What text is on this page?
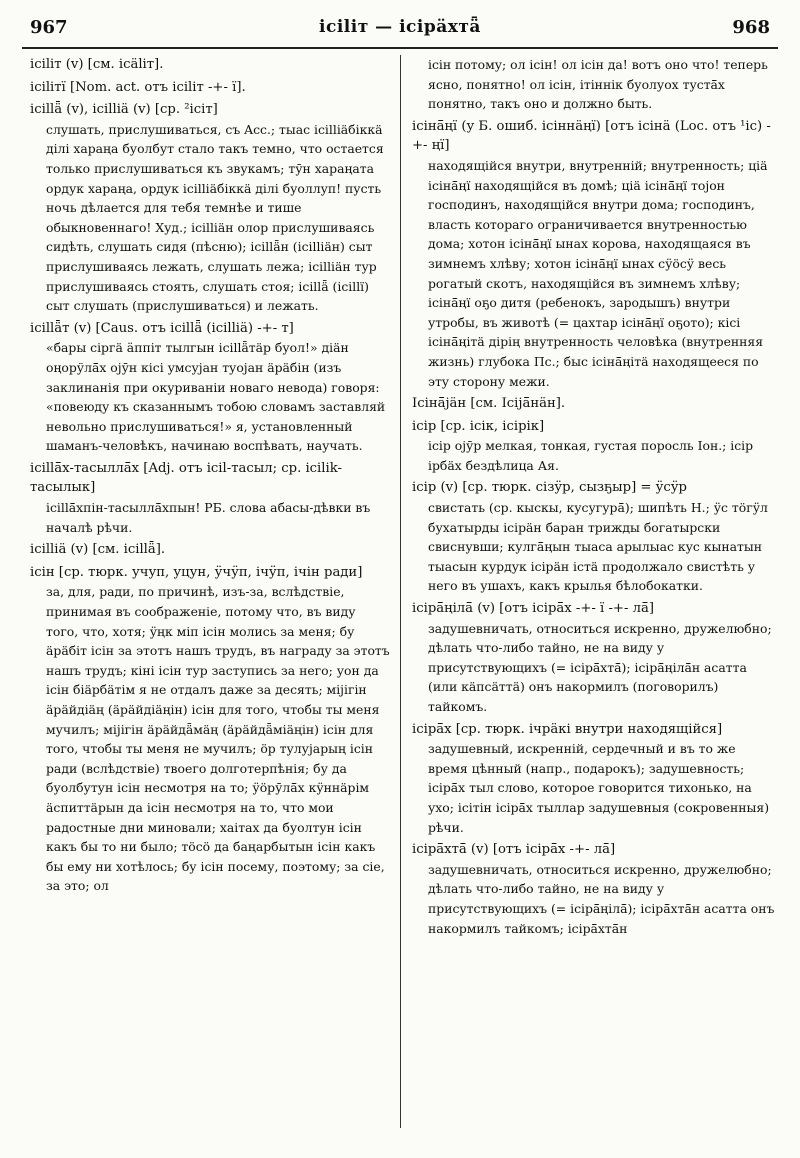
967	iciliт — icipäxтǟ	968
iciliт (v) [см. icäliт].
iciliтï [Nom. act. отъ iciliт -+- ï].
icillǟ (v), icilliä (v) [ср. ²iciт]
слушать, прислушиваться, съ Acc.; тыас icilliäбiккä дiлi хараңа буолбут стало такъ темно, что остается только прислушиваться къ звукамъ; тӯн хараңата ордук хараңа, ордук icilliäбiккä дiлi буоллуп! пусть ночь дѣлается для тебя темнѣе и тише обыкновеннаго! Худ.; icilliäн олор прислушиваясь сидѣть, слушать сидя (пѣсню); icillǟн (icilliäн) сыт прислушиваясь лежать, слушать лежа; icilliäн тур прислушиваясь стоять, слушать стоя; icillǟ (icillï) сыт слушать (прислушиваться) и лежать.
icillǟт (v) [Caus. отъ icillǟ (icilliä) -+- т]
«бары сiргä ӓппiт тылгын icillǟтäр буол!» дiäн оңорўлā̄х оjӯн кiсi умсуjан туоjан äрäбiн (изъ заклинанія при окуриваніи новаго невода) говоря: «повеюду къ сказаннымъ тобою словамъ заставляй невольно прислушиваться!» я, установленный шаманъ-человѣкъ, начинаю воспѣвать, научать.
icillā̄х-тасыллā̄х [Adj. отъ icil-тасыл; ср. icilik-тасылык]
icillā̄хпiн-тасыллā̄хпын! РБ. слова абасы-дѣвки въ началѣ рѣчи.
icilliä (v) [см. icillǟ].
iciн [ср. тюрк. учуп, уцун, ӱчӱп, iчӱп, iчiн ради]
за, для, ради, по причинѣ, изъ-за, вслѣдствіе, принимая въ соображеніе, потому что, въ виду того, что, хотя; ӱңк мiп iciн молись за меня; бу äрäбiт iciн за этотъ нашъ трудъ, въ награду за этотъ нашъ трудъ; кiнi iciн тур заступись за него; уон да iciн бiäрбäтiм я не отдалъ даже за десять; мijiгiн äрäйдiäң (äрäйдiäңiн) iciн для того, чтобы ты меня мучилъ; мijiгiн äрäйдǟмäң (äрäйдǟмiäңiн) iciн для того, чтобы ты меня не мучилъ; öр тулуjарың iciн ради (вслѣдствіе) твоего долготерпѣнія; бу да буолбутун iciн несмотря на то; ӱöрӯлā̄х кӱннäрiм äспиттäрын да iciн несмотря на то, что мои радостные дни миновали; хаiтах да буолтун iciн какъ бы то ни было; тöсö да баңарбытын iciн какъ бы ему ни хотѣлось; бу iciн посему, поэтому; за сiе, за это; ол
iciн потому; ол iciн! ол iciн да! вотъ оно что! теперь ясно, понятно! ол iciн, iтiннiк буолуох тустā̄х понятно, такъ оно и должно быть.
iciнā̄ңï (у Б. ошиб. iciннäңï) [отъ iciнä (Loc. отъ ¹iс) -+- ңï]
находящійся внутри, внутренній; внутренность; ціä iciнā̄ңï находящійся въ домѣ; ціä iciнā̄ңï тоjон господинъ, находящійся внутри дома; господинъ, власть котораго ограничивается внутренностью дома; хотон iciнā̄ңï ынах корова, находящаяся въ зимнемъ хлѣву; хотон iciнā̄ңï ынах сӱöсӱ весь рогатый скотъ, находящійся въ зимнемъ хлѣву; iciнā̄ңï оҕо дитя (ребенокъ, зародышъ) внутри утробы, въ животѣ (= цахтар iciнā̄ңï оҕото); кiсi iciнā̄ңiтä дiрiң внутренность человѣка (внутренняя жизнь) глубока Пс.; быс iciнā̄ңiтä находящееся по эту сторону межи.
Iciнā̄jäн [см. Iciјā̄нäн].
iciр [ср. iciк, iciрiк]
iciр оjӯр мелкая, тонкая, густая поросль Іон.; iciр iрбäх бездѣлица Ая.
iciр (v) [ср. тюрк. ciзӱр, сызҕыр] = ӱсӱр
свистать (ср. кыскы, кусугурā̄); шипѣть Н.; ӱс тöгӱл бухатырды iciрäн баран трижды богатырски свиснувши; кулгā̄ңын тыаса арылыас кус кынатын тыасын курдук iciрäн iстä продолжало свистѣть у него въ ушахъ, какъ крылья бѣлобокатки.
iciрā̄ңiлā̄ (v) [отъ iciрā̄х -+- ï -+- лā̄]
задушевничать, относиться искренно, дружелюбно; дѣлать что-либо тайно, не на виду у присутствующихъ (= iciрā̄хтā̄); iciрā̄ңiлā̄н асатта (или кäпсäттä) онъ накормилъ (поговорилъ) тайкомъ.
iciрā̄х [ср. тюрк. iчрäкi внутри находящійся]
задушевный, искренній, сердечный и въ то же время цѣнный (напр., подарокъ); задушевность; iciрā̄х тыл слово, которое говорится тихонько, на ухо; iciтiн iciрā̄х тыллар задушевныя (сокровенныя) рѣчи.
iciрā̄хтā̄ (v) [отъ iciрā̄х -+- лā̄]
задушевничать, относиться искренно, дружелюбно; дѣлать что-либо тайно, не на виду у присутствующихъ (= iciрā̄ңiлā̄); iciрā̄хтā̄н асатта онъ накормилъ тайкомъ; iciрā̄хтā̄н
